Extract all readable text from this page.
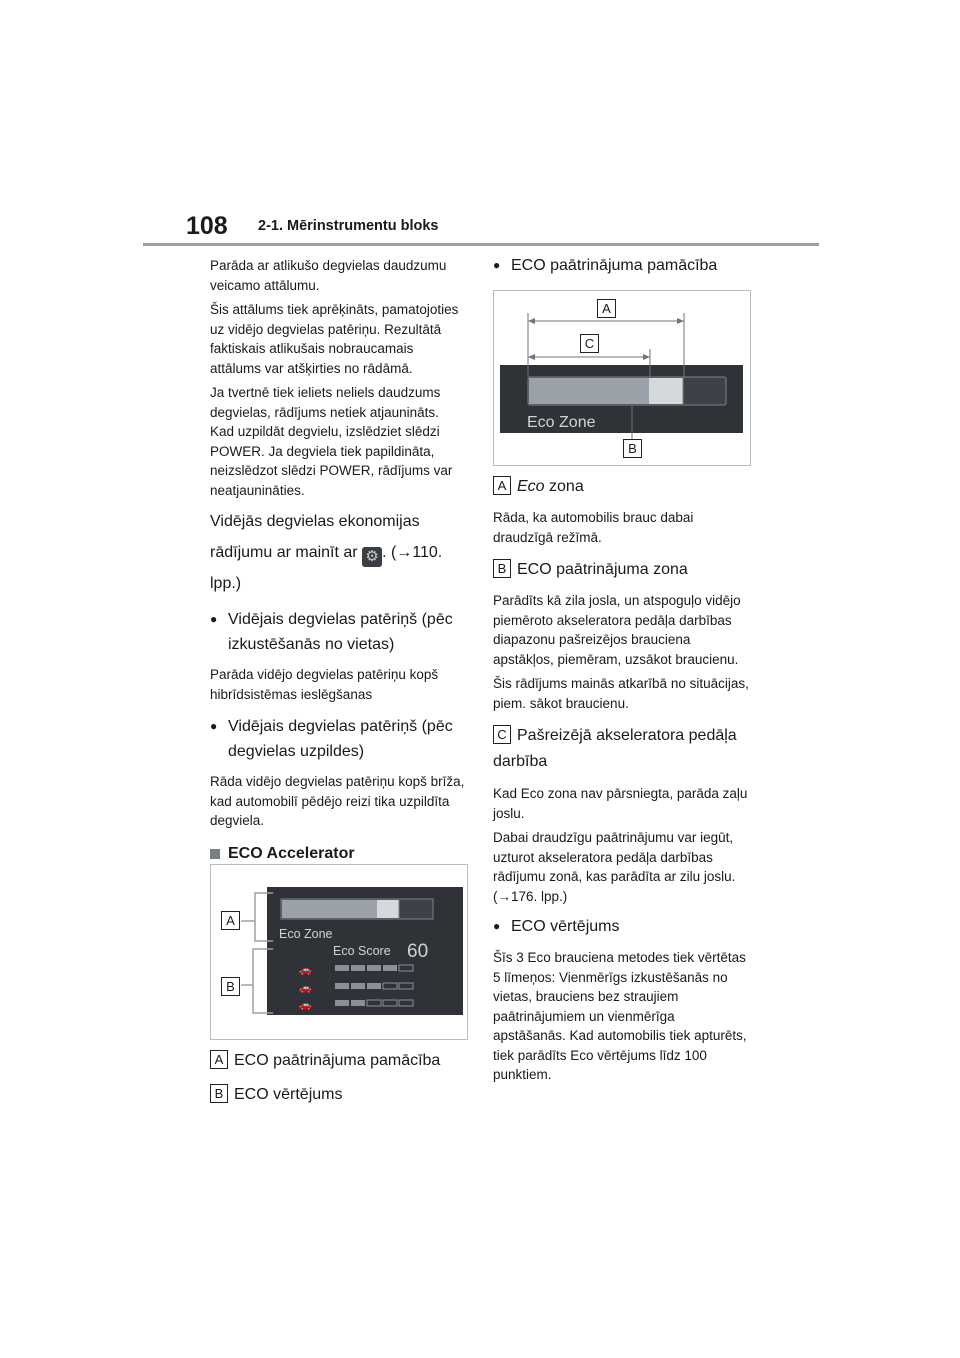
108 2-1. Mērinstrumentu bloks

Parāda ar atlikušo degvielas daudzumu veicamo attālumu.

Šis attālums tiek aprēķināts, pamatojoties uz vidējo degvielas patēriņu. Rezultātā faktiskais atlikušais nobraucamais attālums var atšķirties no rādāmā.

Ja tvertnē tiek ieliets neliels daudzums degvielas, rādījums netiek atjaunināts. Kad uzpildāt degvielu, izslēdziet slēdzi POWER. Ja degviela tiek papildināta, neizslēdzot slēdzi POWER, rādījums var neatjaunināties.

Vidējās degvielas ekonomijas rādījumu ar mainīt ar ⚙ . (→110. lpp.)

● Vidējais degvielas patēriņš (pēc izkustēšanās no vietas)

Parāda vidējo degvielas patēriņu kopš hibrīdsistēmas ieslēgšanas

● Vidējais degvielas patēriņš (pēc degvielas uzpildes)

Rāda vidējo degvielas patēriņu kopš brīža, kad automobilī pēdējo reizi tika uzpildīta degviela.

ECO Accelerator

Eco Zone
Eco Score 60
🚗
🚗
🚗
A
B

A ECO paātrinājuma pamācība

B ECO vērtējums

● ECO paātrinājuma pamācība

Eco Zone
A
C
B

A Eco zona

Rāda, ka automobilis brauc dabai draudzīgā režīmā.

B ECO paātrinājuma zona

Parādīts kā zila josla, un atspoguļo vidējo piemēroto akseleratora pedāļa darbības diapazonu pašreizējos brauciena apstākļos, piemēram, uzsākot braucienu.

Šis rādījums mainās atkarībā no situācijas, piem. sākot braucienu.

C Pašreizējā akseleratora pedāļa darbība

Kad Eco zona nav pārsniegta, parāda zaļu joslu.

Dabai draudzīgu paātrinājumu var iegūt, uzturot akseleratora pedāļa darbības rādījumu zonā, kas parādīta ar zilu joslu. (→176. lpp.)

● ECO vērtējums

Šīs 3 Eco brauciena metodes tiek vērtētas 5 līmeņos: Vienmērīgs izkustēšanās no vietas, brauciens bez straujiem paātrinājumiem un vienmērīga apstāšanās. Kad automobilis tiek apturēts, tiek parādīts Eco vērtējums līdz 100 punktiem.
